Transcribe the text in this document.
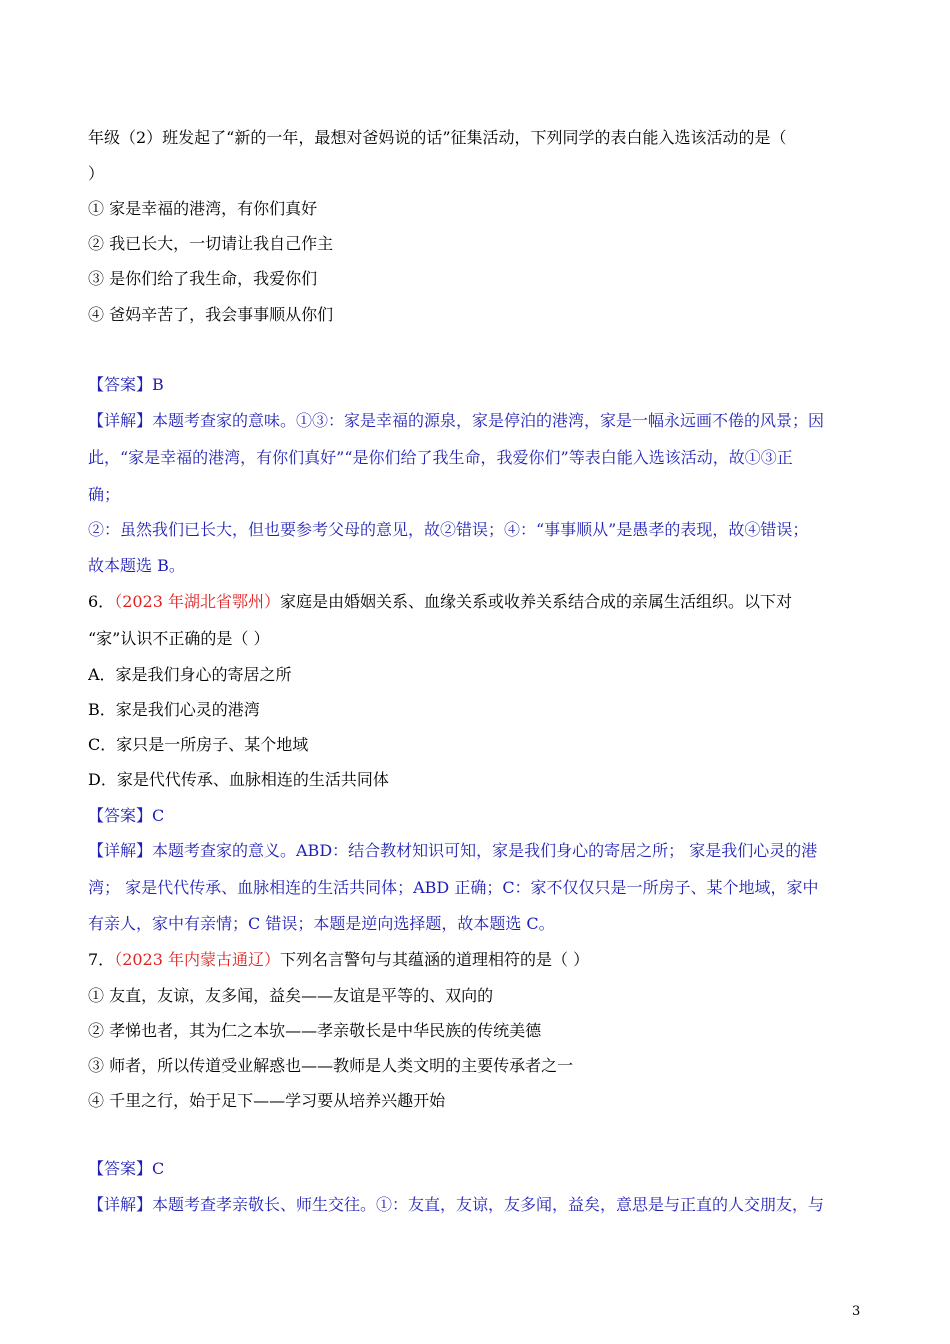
年级（2）班发起了“新的一年，最想对爸妈说的话”征集活动，下列同学的表白能入选该活动的是（
）
① 家是幸福的港湾，有你们真好
② 我已长大，一切请让我自己作主
③ 是你们给了我生命，我爱你们
④ 爸妈辛苦了，我会事事顺从你们
【答案】B
【详解】本题考查家的意味。①③：家是幸福的源泉，家是停泊的港湾，家是一幅永远画不倦的风景；因
此，“家是幸福的港湾，有你们真好”“是你们给了我生命，我爱你们”等表白能入选该活动，故①③正
确；
②：虽然我们已长大，但也要参考父母的意见，故②错误；④：“事事顺从”是愚孝的表现，故④错误；
故本题选 B。
6．（2023 年湖北省鄂州）家庭是由婚姻关系、血缘关系或收养关系结合成的亲属生活组织。以下对
“家”认识不正确的是（ ）
A．家是我们身心的寄居之所
B．家是我们心灵的港湾
C．家只是一所房子、某个地域
D．家是代代传承、血脉相连的生活共同体
【答案】C
【详解】本题考查家的意义。ABD：结合教材知识可知，家是我们身心的寄居之所； 家是我们心灵的港
湾； 家是代代传承、血脉相连的生活共同体；ABD 正确；C：家不仅仅只是一所房子、某个地域，家中
有亲人，家中有亲情；C 错误；本题是逆向选择题，故本题选 C。
7．（2023 年内蒙古通辽）下列名言警句与其蕴涵的道理相符的是（ ）
① 友直，友谅，友多闻，益矣——友谊是平等的、双向的
② 孝悌也者，其为仁之本欤——孝亲敬长是中华民族的传统美德
③ 师者，所以传道受业解惑也——教师是人类文明的主要传承者之一
④ 千里之行，始于足下——学习要从培养兴趣开始
【答案】C
【详解】本题考查孝亲敬长、师生交往。①：友直，友谅，友多闻，益矣，意思是与正直的人交朋友，与
3
